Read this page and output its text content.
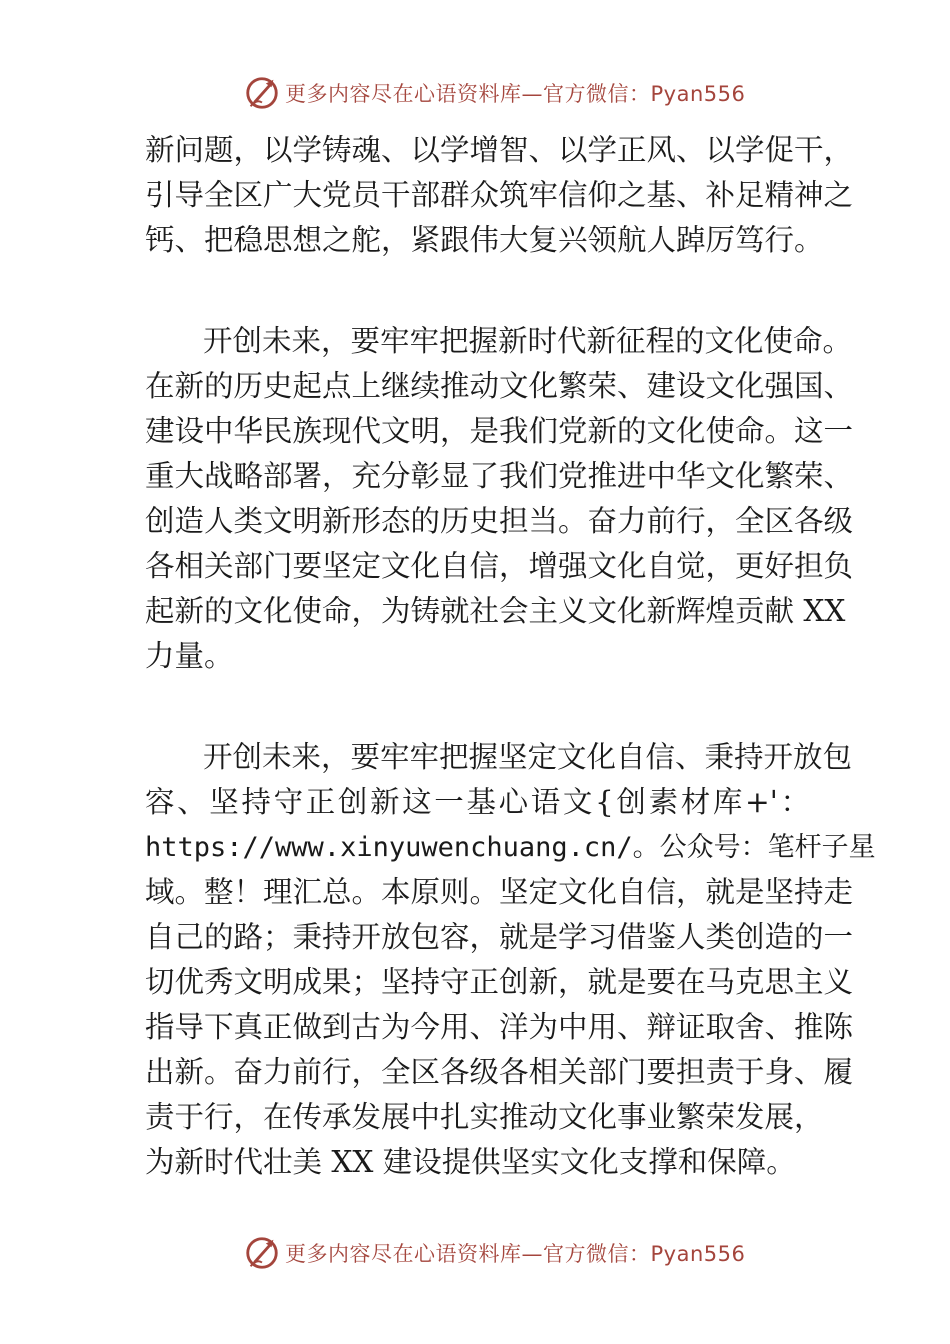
更多内容尽在心语资料库—官方微信：Pyan556
新问题，以学铸魂、以学增智、以学正风、以学促干，
引导全区广大党员干部群众筑牢信仰之基、补足精神之
钙、把稳思想之舵，紧跟伟大复兴领航人踔厉笃行。
开创未来，要牢牢把握新时代新征程的文化使命。
在新的历史起点上继续推动文化繁荣、建设文化强国、
建设中华民族现代文明，是我们党新的文化使命。这一
重大战略部署，充分彰显了我们党推进中华文化繁荣、
创造人类文明新形态的历史担当。奋力前行，全区各级
各相关部门要坚定文化自信，增强文化自觉，更好担负
起新的文化使命，为铸就社会主义文化新辉煌贡献 XX
力量。
开创未来，要牢牢把握坚定文化自信、秉持开放包
容、坚持守正创新这一基心语文{创素材库+'：
https://www.xinyuwenchuang.cn/。公众号：笔杆子星
域。整！理汇总。本原则。坚定文化自信，就是坚持走
自己的路；秉持开放包容，就是学习借鉴人类创造的一
切优秀文明成果；坚持守正创新，就是要在马克思主义
指导下真正做到古为今用、洋为中用、辩证取舍、推陈
出新。奋力前行，全区各级各相关部门要担责于身、履
责于行，在传承发展中扎实推动文化事业繁荣发展，
为新时代壮美 XX 建设提供坚实文化支撑和保障。
更多内容尽在心语资料库—官方微信：Pyan556
